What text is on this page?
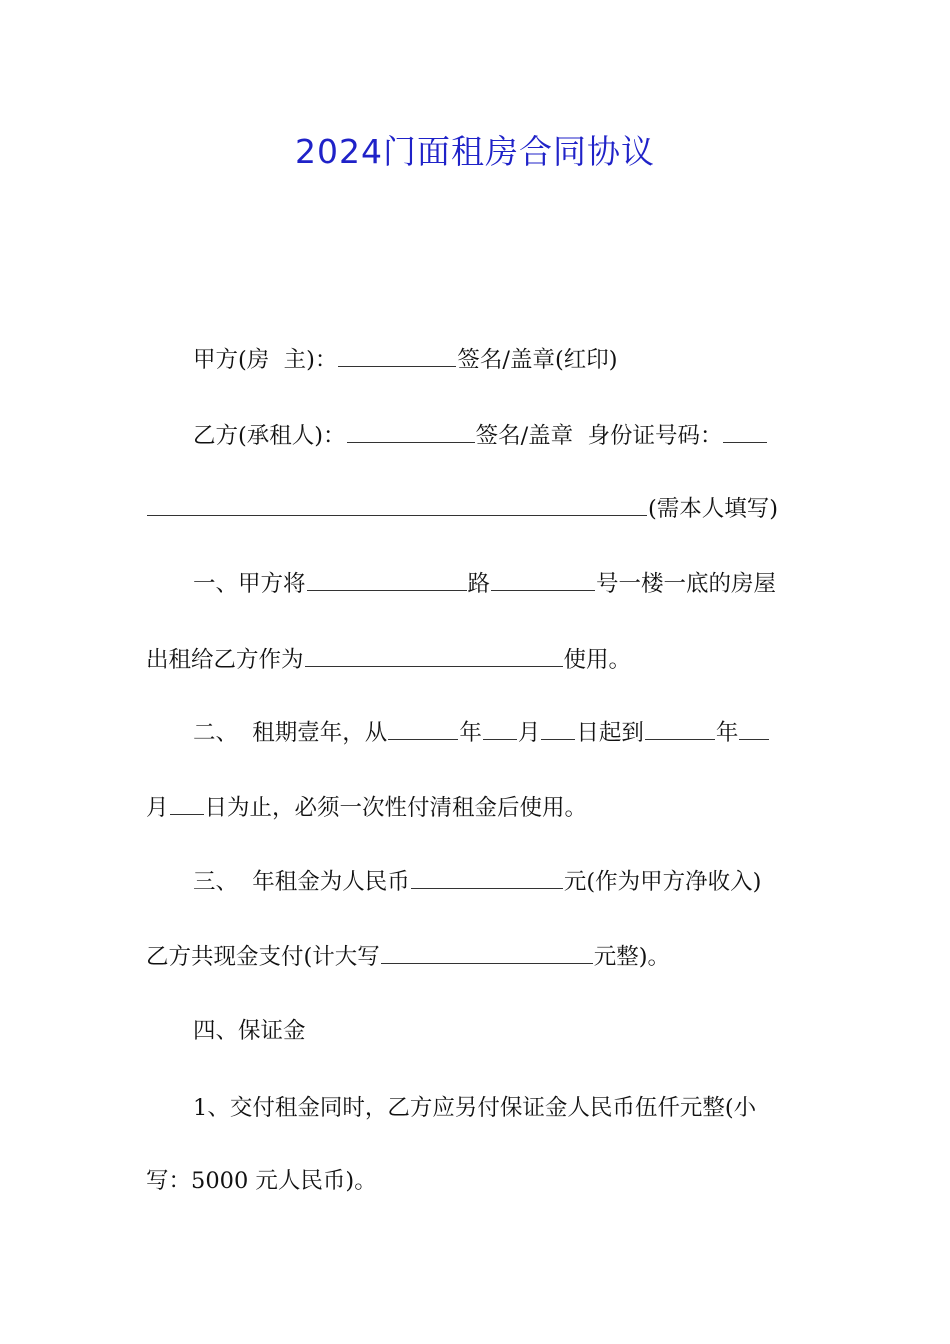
2024门面租房合同协议
甲方(房  主)：	签名/盖章(红印)
乙方(承租人)：	签名/盖章 身份证号码：
(需本人填写)
一、甲方将	路	号一楼一底的房屋
出租给乙方作为	使用。
二、  租期壹年，从	年 月 日起到	年
月 日为止，必须一次性付清租金后使用。
三、  年租金为人民币	元(作为甲方净收入)
乙方共现金支付(计大写	元整)。
四、保证金
1、交付租金同时，乙方应另付保证金人民币伍仟元整(小
写：5000 元人民币)。
